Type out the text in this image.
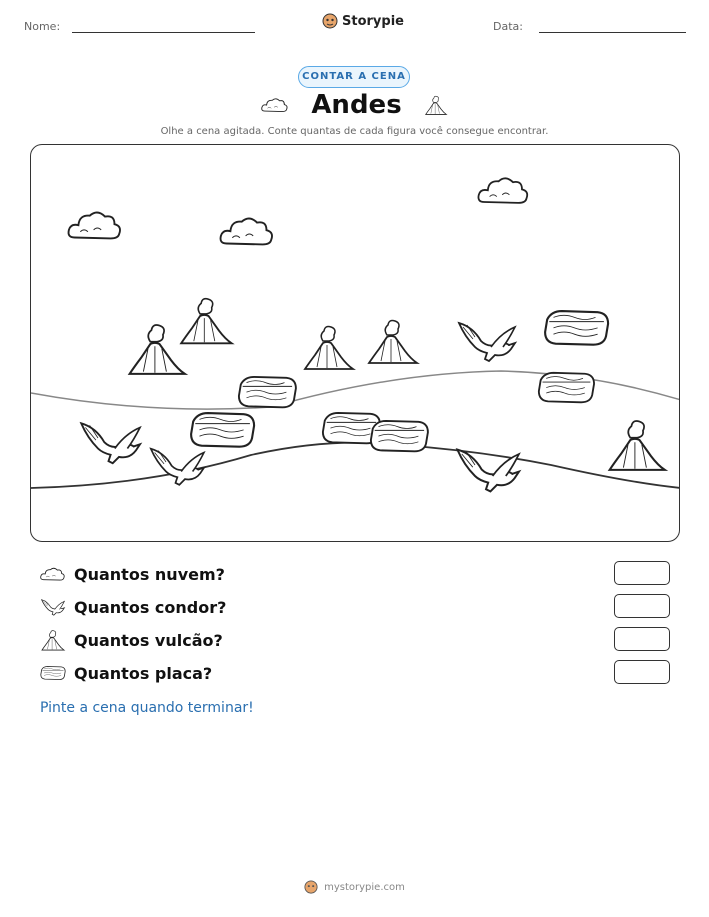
Nome:	Storypie	Data:
CONTAR A CENA
Andes
Olhe a cena agitada. Conte quantas de cada figura você consegue encontrar.
Quantos nuvem?
Quantos condor?
Quantos vulcão?
Quantos placa?
Pinte a cena quando terminar!
mystorypie.com
